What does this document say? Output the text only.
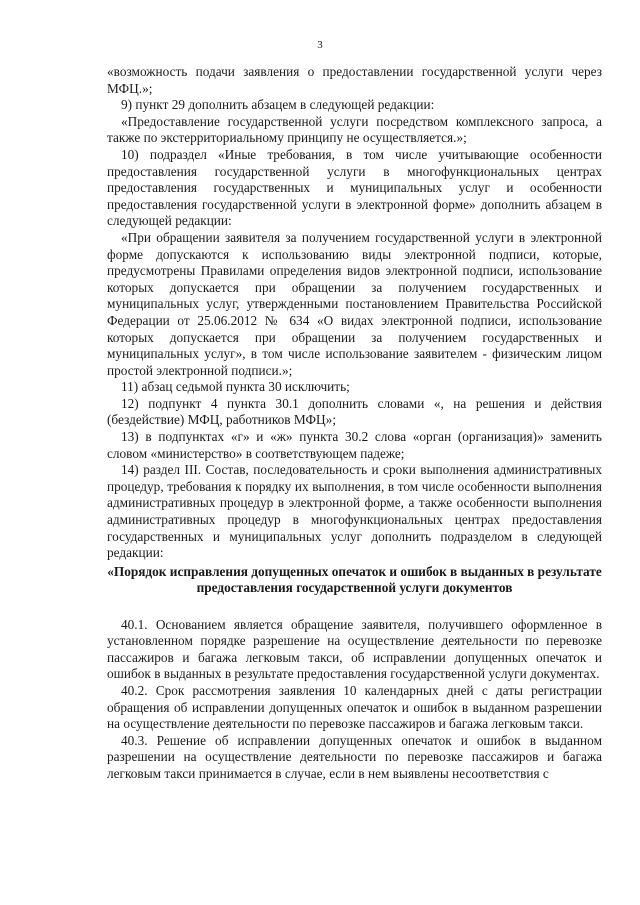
3

«возможность подачи заявления о предоставлении государственной услуги через МФЦ.»;

9) пункт 29 дополнить абзацем в следующей редакции:

«Предоставление государственной услуги посредством комплексного запроса, а также по экстерриториальному принципу не осуществляется.»;

10) подраздел «Иные требования, в том числе учитывающие особенности предоставления государственной услуги в многофункциональных центрах предоставления государственных и муниципальных услуг и особенности предоставления государственной услуги в электронной форме» дополнить абзацем в следующей редакции:

«При обращении заявителя за получением государственной услуги в электронной форме допускаются к использованию виды электронной подписи, которые, предусмотрены Правилами определения видов электронной подписи, использование которых допускается при обращении за получением государственных и муниципальных услуг, утвержденными постановлением Правительства Российской Федерации от 25.06.2012 № 634 «О видах электронной подписи, использование которых допускается при обращении за получением государственных и муниципальных услуг», в том числе использование заявителем - физическим лицом простой электронной подписи.»;

11) абзац седьмой пункта 30 исключить;

12) подпункт 4 пункта 30.1 дополнить словами «, на решения и действия (бездействие) МФЦ, работников МФЦ»;

13) в подпунктах «г» и «ж» пункта 30.2 слова «орган (организация)» заменить словом «министерство» в соответствующем падеже;

14) раздел III. Состав, последовательность и сроки выполнения административных процедур, требования к порядку их выполнения, в том числе особенности выполнения административных процедур в электронной форме, а также особенности выполнения административных процедур в многофункциональных центрах предоставления государственных и муниципальных услуг дополнить подразделом в следующей редакции:

«Порядок исправления допущенных опечаток и ошибок в выданных в результате предоставления государственной услуги документов

40.1. Основанием является обращение заявителя, получившего оформленное в установленном порядке разрешение на осуществление деятельности по перевозке пассажиров и багажа легковым такси, об исправлении допущенных опечаток и ошибок в выданных в результате предоставления государственной услуги документах.

40.2. Срок рассмотрения заявления 10 календарных дней с даты регистрации обращения об исправлении допущенных опечаток и ошибок в выданном разрешении на осуществление деятельности по перевозке пассажиров и багажа легковым такси.

40.3. Решение об исправлении допущенных опечаток и ошибок в выданном разрешении на осуществление деятельности по перевозке пассажиров и багажа легковым такси принимается в случае, если в нем выявлены несоответствия с
